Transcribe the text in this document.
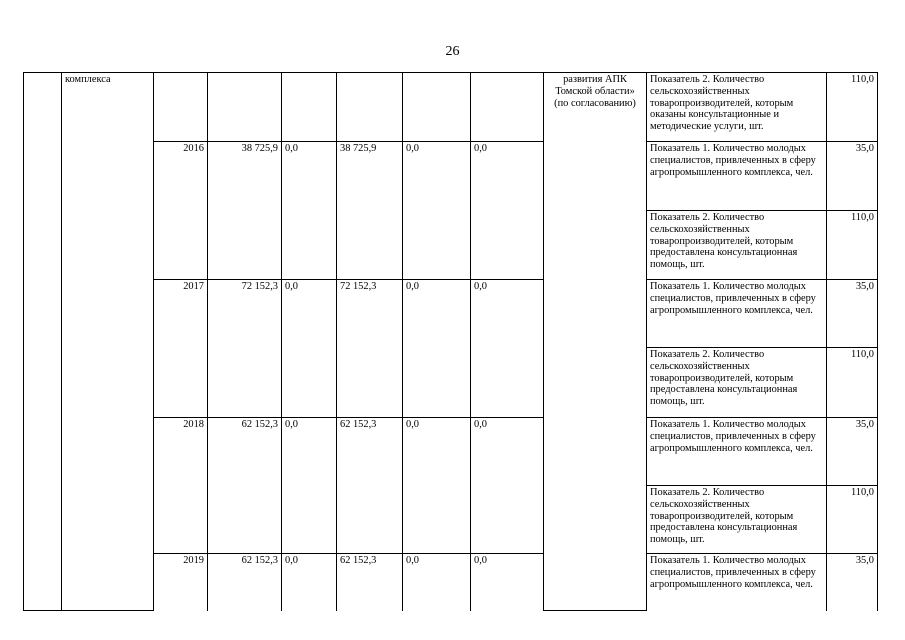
26
	комплекса							развития АПК Томской области» (по согласованию)	Показатель 2. Количество сельскохозяйственных товаропроизводителей, которым оказаны консультационные и методические услуги, шт.	110,0
		2016	38 725,9	0,0	38 725,9	0,0	0,0		Показатель 1. Количество молодых специалистов, привлеченных в сферу агропромышленного комплекса, чел.	35,0
									Показатель 2. Количество сельскохозяйственных товаропроизводителей, которым предоставлена консультационная помощь, шт.	110,0
		2017	72 152,3	0,0	72 152,3	0,0	0,0		Показатель 1. Количество молодых специалистов, привлеченных в сферу агропромышленного комплекса, чел.	35,0
									Показатель 2. Количество сельскохозяйственных товаропроизводителей, которым предоставлена консультационная помощь, шт.	110,0
		2018	62 152,3	0,0	62 152,3	0,0	0,0		Показатель 1. Количество молодых специалистов, привлеченных в сферу агропромышленного комплекса, чел.	35,0
									Показатель 2. Количество сельскохозяйственных товаропроизводителей, которым предоставлена консультационная помощь, шт.	110,0
		2019	62 152,3	0,0	62 152,3	0,0	0,0		Показатель 1. Количество молодых специалистов, привлеченных в сферу агропромышленного комплекса, чел.	35,0
